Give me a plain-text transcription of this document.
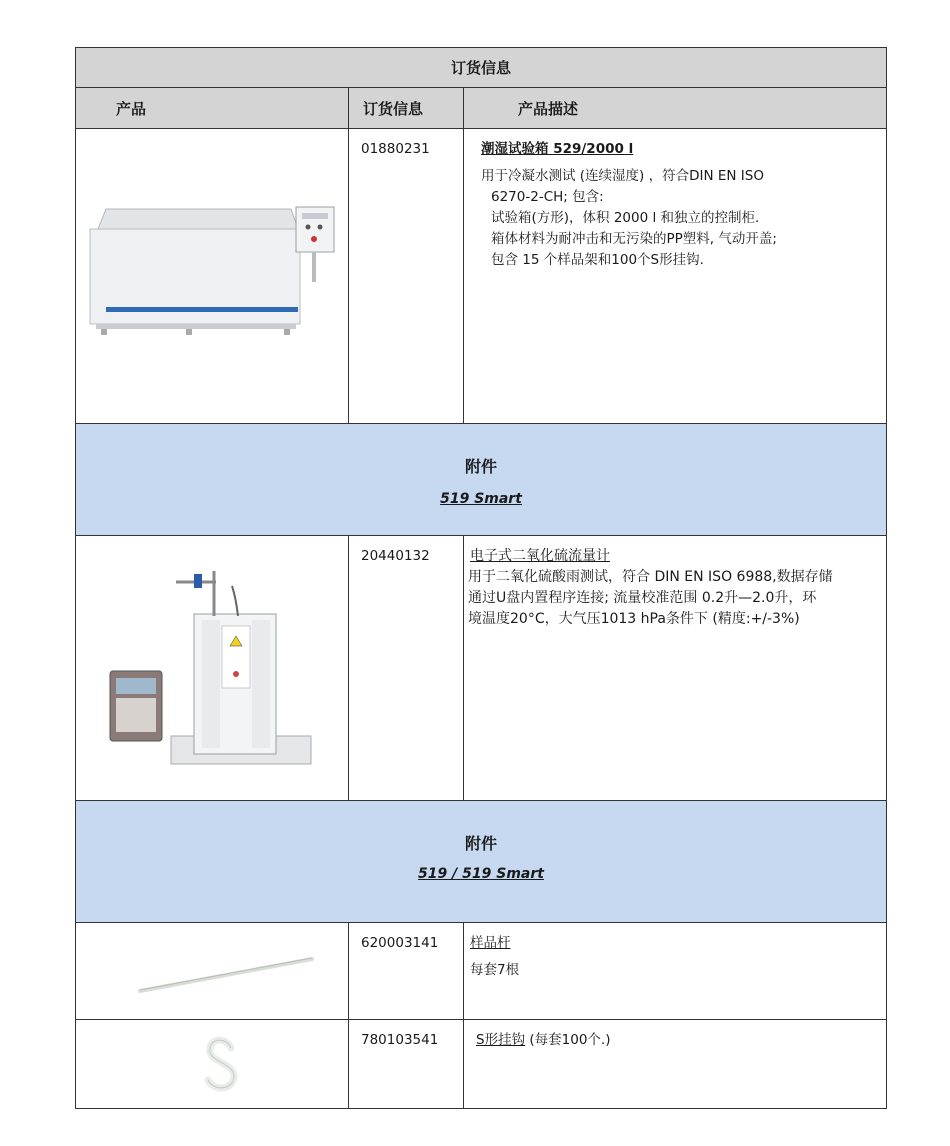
订货信息
产品	订货信息	产品描述
01880231	潮湿试验箱 529/2000 l
用于冷凝水测试 (连续湿度) ，符合DIN EN ISO
6270-2-CH; 包含:
试验箱(方形)，体积 2000 l 和独立的控制柜.
箱体材料为耐冲击和无污染的PP塑料, 气动开盖;
包含 15 个样品架和100个S形挂钩.
附件
519 Smart
20440132	电子式二氧化硫流量计
用于二氧化硫酸雨测试，符合 DIN EN ISO 6988,数据存储
通过U盘内置程序连接; 流量校准范围 0.2升—2.0升，环
境温度20°C，大气压1013 hPa条件下 (精度:+/-3%)
附件
519 / 519 Smart
620003141	样品杆
每套7根
780103541	S形挂钩 (每套100个.)
